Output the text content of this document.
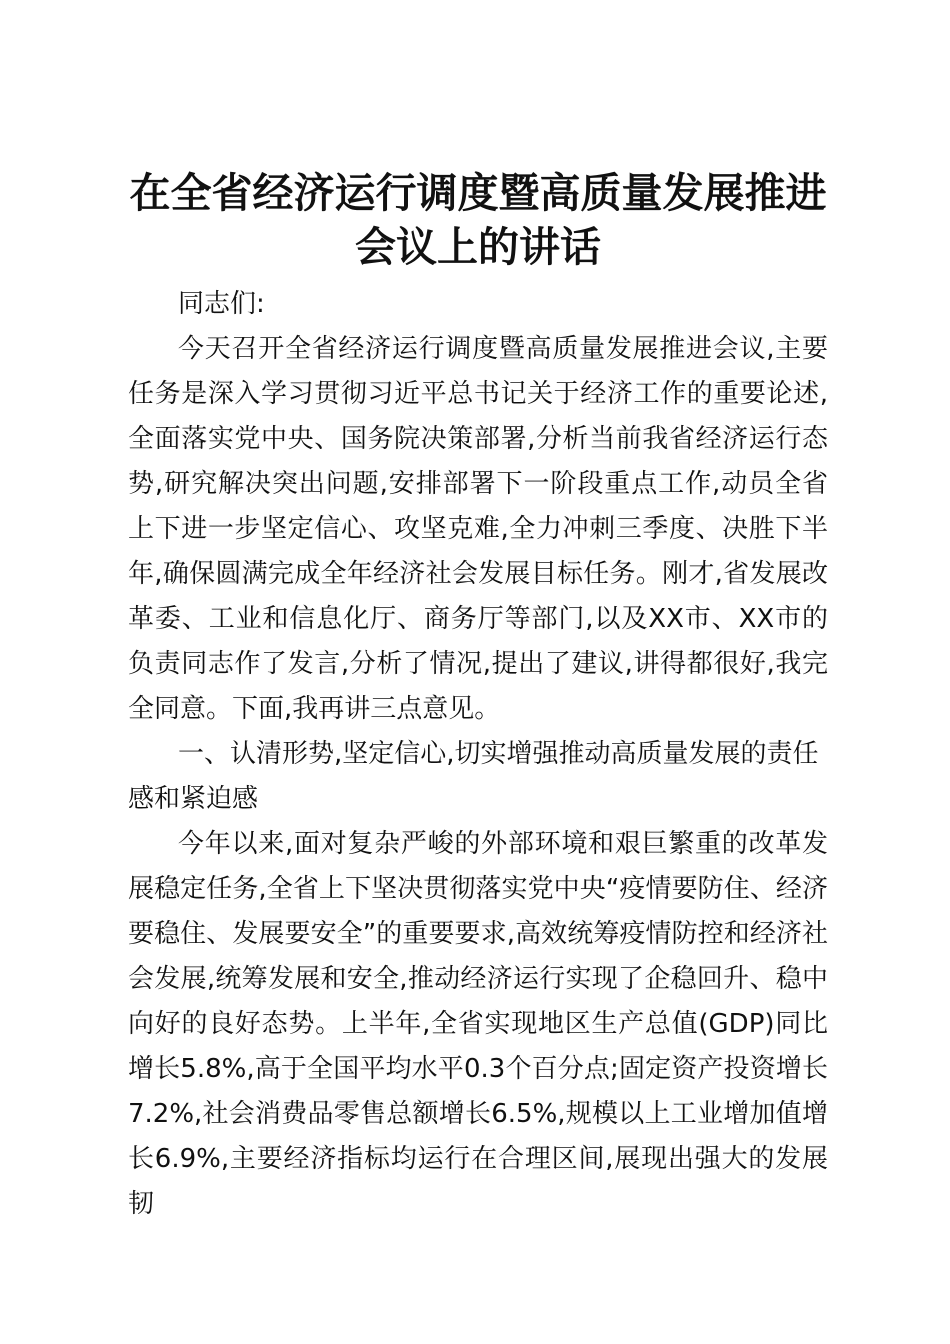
在全省经济运行调度暨高质量发展推进会议上的讲话

同志们:

今天召开全省经济运行调度暨高质量发展推进会议,主要任务是深入学习贯彻习近平总书记关于经济工作的重要论述,全面落实党中央、国务院决策部署,分析当前我省经济运行态势,研究解决突出问题,安排部署下一阶段重点工作,动员全省上下进一步坚定信心、攻坚克难,全力冲刺三季度、决胜下半年,确保圆满完成全年经济社会发展目标任务。刚才,省发展改革委、工业和信息化厅、商务厅等部门,以及XX市、XX市的负责同志作了发言,分析了情况,提出了建议,讲得都很好,我完全同意。下面,我再讲三点意见。

一、认清形势,坚定信心,切实增强推动高质量发展的责任感和紧迫感

今年以来,面对复杂严峻的外部环境和艰巨繁重的改革发展稳定任务,全省上下坚决贯彻落实党中央“疫情要防住、经济要稳住、发展要安全”的重要要求,高效统筹疫情防控和经济社会发展,统筹发展和安全,推动经济运行实现了企稳回升、稳中向好的良好态势。上半年,全省实现地区生产总值(GDP)同比增长5.8%,高于全国平均水平0.3个百分点;固定资产投资增长7.2%,社会消费品零售总额增长6.5%,规模以上工业增加值增长6.9%,主要经济指标均运行在合理区间,展现出强大的发展韧
